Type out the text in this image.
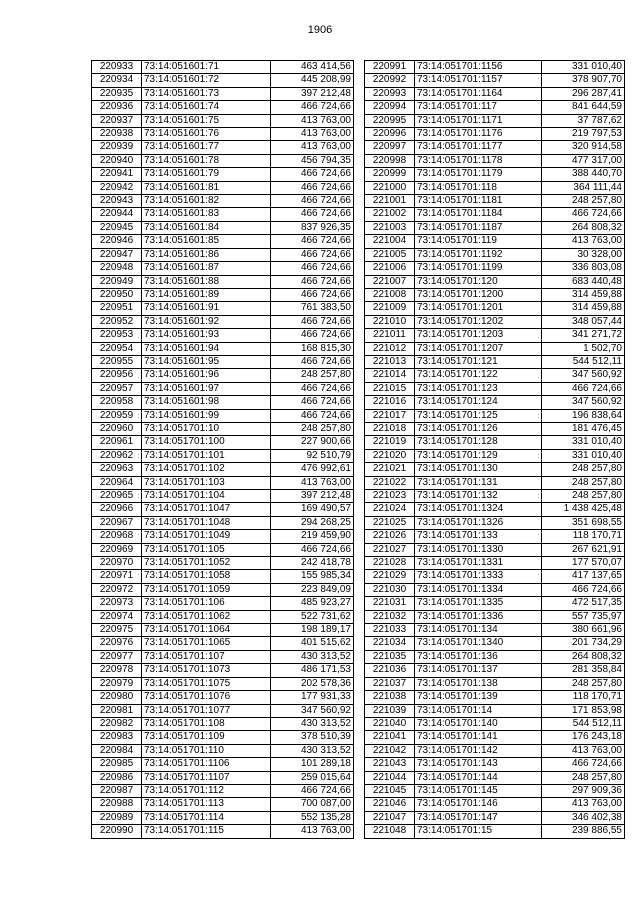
1906
220933	73:14:051601:71	463 414,56
220934	73:14:051601:72	445 208,99
220935	73:14:051601:73	397 212,48
220936	73:14:051601:74	466 724,66
220937	73:14:051601:75	413 763,00
220938	73:14:051601:76	413 763,00
220939	73:14:051601:77	413 763,00
220940	73:14:051601:78	456 794,35
220941	73:14:051601:79	466 724,66
220942	73:14:051601:81	466 724,66
220943	73:14:051601:82	466 724,66
220944	73:14:051601:83	466 724,66
220945	73:14:051601:84	837 926,35
220946	73:14:051601:85	466 724,66
220947	73:14:051601:86	466 724,66
220948	73:14:051601:87	466 724,66
220949	73:14:051601:88	466 724,66
220950	73:14:051601:89	466 724,66
220951	73:14:051601:91	761 383,50
220952	73:14:051601:92	466 724,66
220953	73:14:051601:93	466 724,66
220954	73:14:051601:94	168 815,30
220955	73:14:051601:95	466 724,66
220956	73:14:051601:96	248 257,80
220957	73:14:051601:97	466 724,66
220958	73:14:051601:98	466 724,66
220959	73:14:051601:99	466 724,66
220960	73:14:051701:10	248 257,80
220961	73:14:051701:100	227 900,66
220962	73:14:051701:101	92 510,79
220963	73:14:051701:102	476 992,61
220964	73:14:051701:103	413 763,00
220965	73:14:051701:104	397 212,48
220966	73:14:051701:1047	169 490,57
220967	73:14:051701:1048	294 268,25
220968	73:14:051701:1049	219 459,90
220969	73:14:051701:105	466 724,66
220970	73:14:051701:1052	242 418,78
220971	73:14:051701:1058	155 985,34
220972	73:14:051701:1059	223 849,09
220973	73:14:051701:106	485 923,27
220974	73:14:051701:1062	522 731,62
220975	73:14:051701:1064	198 189,17
220976	73:14:051701:1065	401 515,62
220977	73:14:051701:107	430 313,52
220978	73:14:051701:1073	486 171,53
220979	73:14:051701:1075	202 578,36
220980	73:14:051701:1076	177 931,33
220981	73:14:051701:1077	347 560,92
220982	73:14:051701:108	430 313,52
220983	73:14:051701:109	378 510,39
220984	73:14:051701:110	430 313,52
220985	73:14:051701:1106	101 289,18
220986	73:14:051701:1107	259 015,64
220987	73:14:051701:112	466 724,66
220988	73:14:051701:113	700 087,00
220989	73:14:051701:114	552 135,28
220990	73:14:051701:115	413 763,00
220991	73:14:051701:1156	331 010,40
220992	73:14:051701:1157	378 907,70
220993	73:14:051701:1164	296 287,41
220994	73:14:051701:117	841 644,59
220995	73:14:051701:1171	37 787,62
220996	73:14:051701:1176	219 797,53
220997	73:14:051701:1177	320 914,58
220998	73:14:051701:1178	477 317,00
220999	73:14:051701:1179	388 440,70
221000	73:14:051701:118	364 111,44
221001	73:14:051701:1181	248 257,80
221002	73:14:051701:1184	466 724,66
221003	73:14:051701:1187	264 808,32
221004	73:14:051701:119	413 763,00
221005	73:14:051701:1192	30 328,00
221006	73:14:051701:1199	336 803,08
221007	73:14:051701:120	683 440,48
221008	73:14:051701:1200	314 459,88
221009	73:14:051701:1201	314 459,88
221010	73:14:051701:1202	348 057,44
221011	73:14:051701:1203	341 271,72
221012	73:14:051701:1207	1 502,70
221013	73:14:051701:121	544 512,11
221014	73:14:051701:122	347 560,92
221015	73:14:051701:123	466 724,66
221016	73:14:051701:124	347 560,92
221017	73:14:051701:125	196 838,64
221018	73:14:051701:126	181 476,45
221019	73:14:051701:128	331 010,40
221020	73:14:051701:129	331 010,40
221021	73:14:051701:130	248 257,80
221022	73:14:051701:131	248 257,80
221023	73:14:051701:132	248 257,80
221024	73:14:051701:1324	1 438 425,48
221025	73:14:051701:1326	351 698,55
221026	73:14:051701:133	118 170,71
221027	73:14:051701:1330	267 621,91
221028	73:14:051701:1331	177 570,07
221029	73:14:051701:1333	417 137,65
221030	73:14:051701:1334	466 724,66
221031	73:14:051701:1335	472 517,35
221032	73:14:051701:1336	557 735,97
221033	73:14:051701:134	380 661,96
221034	73:14:051701:1340	201 734,29
221035	73:14:051701:136	264 808,32
221036	73:14:051701:137	281 358,84
221037	73:14:051701:138	248 257,80
221038	73:14:051701:139	118 170,71
221039	73:14:051701:14	171 853,98
221040	73:14:051701:140	544 512,11
221041	73:14:051701:141	176 243,18
221042	73:14:051701:142	413 763,00
221043	73:14:051701:143	466 724,66
221044	73:14:051701:144	248 257,80
221045	73:14:051701:145	297 909,36
221046	73:14:051701:146	413 763,00
221047	73:14:051701:147	346 402,38
221048	73:14:051701:15	239 886,55
